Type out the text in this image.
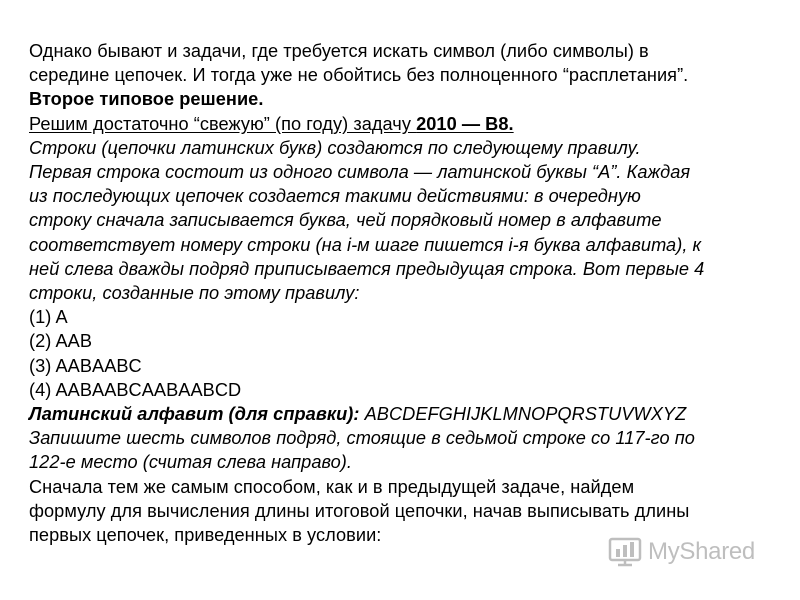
Однако бывают и задачи, где требуется искать символ (либо символы) в
середине цепочек. И тогда уже не обойтись без полноценного “расплетания”.
Второе типовое решение.
Решим достаточно “свежую” (по году) задачу 2010 — B8.
Строки (цепочки латинских букв) создаются по следующему правилу.
Первая строка состоит из одного символа — латинской буквы “А”. Каждая
из последующих цепочек создается такими действиями: в очередную
строку сначала записывается буква, чей порядковый номер в алфавите
соответствует номеру строки (на i-м шаге пишется i-я буква алфавита), к
ней слева дважды подряд приписывается предыдущая строка. Вот первые 4
строки, созданные по этому правилу:
(1) A
(2) AAB
(3) AABAABC
(4) AABAABCAABAABCD
Латинский алфавит (для справки): ABCDEFGHIJKLMNOPQRSTUVWXYZ
Запишите шесть символов подряд, стоящие в седьмой строке со 117-го по
122-е место (считая слева направо).
Сначала тем же самым способом, как и в предыдущей задаче, найдем
формулу для вычисления длины итоговой цепочки, начав выписывать длины
первых цепочек, приведенных в условии:
MyShared
